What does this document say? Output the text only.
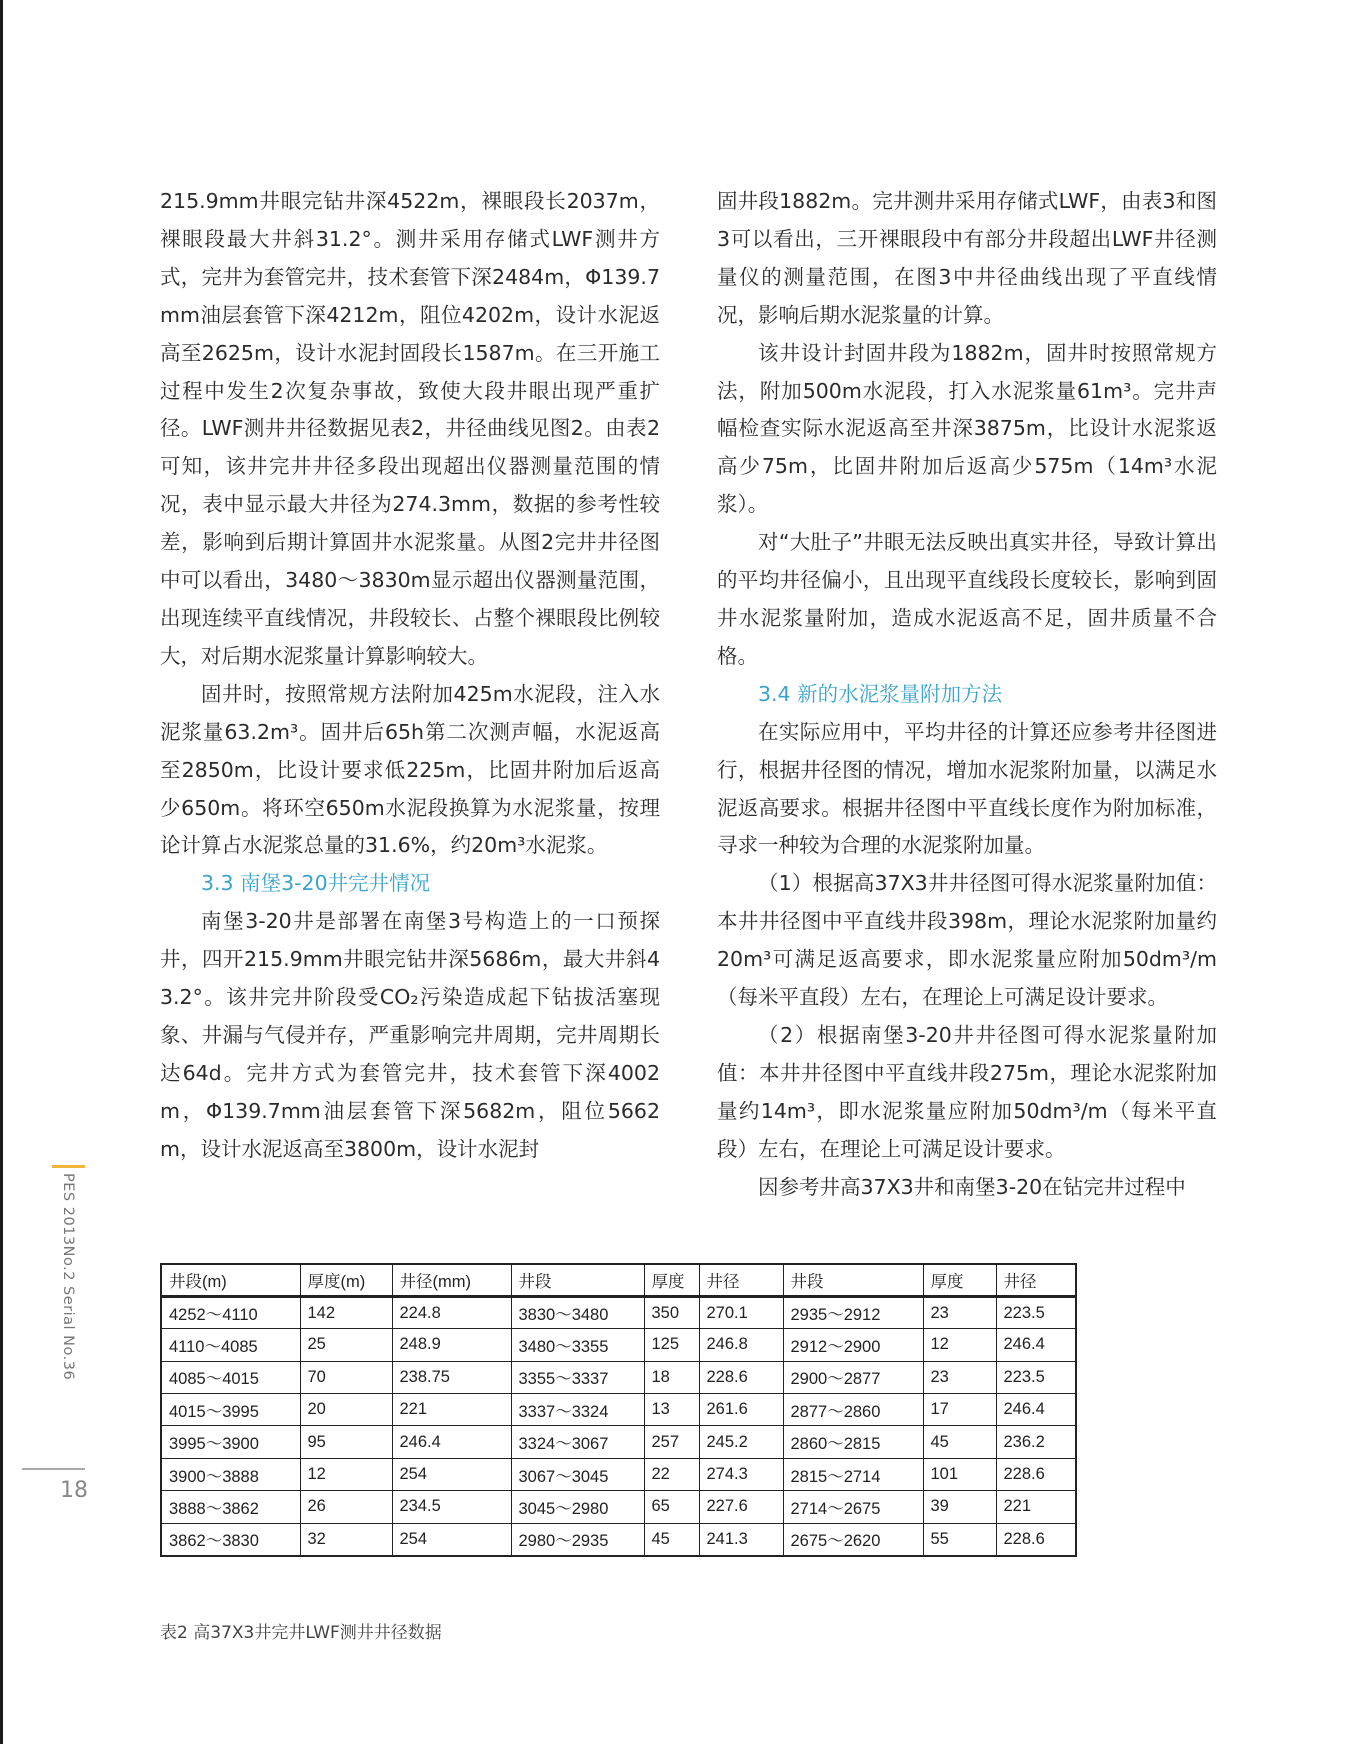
215.9mm井眼完钻井深4522m，裸眼段长2037m，裸眼段最大井斜31.2°。测井采用存储式LWF测井方式，完井为套管完井，技术套管下深2484m，Φ139.7mm油层套管下深4212m，阻位4202m，设计水泥返高至2625m，设计水泥封固段长1587m。在三开施工过程中发生2次复杂事故，致使大段井眼出现严重扩径。LWF测井井径数据见表2，井径曲线见图2。由表2可知，该井完井井径多段出现超出仪器测量范围的情况，表中显示最大井径为274.3mm，数据的参考性较差，影响到后期计算固井水泥浆量。从图2完井井径图中可以看出，3480～3830m显示超出仪器测量范围，出现连续平直线情况，井段较长、占整个裸眼段比例较大，对后期水泥浆量计算影响较大。

固井时，按照常规方法附加425m水泥段，注入水泥浆量63.2m³。固井后65h第二次测声幅，水泥返高至2850m，比设计要求低225m，比固井附加后返高少650m。将环空650m水泥段换算为水泥浆量，按理论计算占水泥浆总量的31.6%，约20m³水泥浆。

3.3 南堡3-20井完井情况

南堡3-20井是部署在南堡3号构造上的一口预探井，四开215.9mm井眼完钻井深5686m，最大井斜43.2°。该井完井阶段受CO₂污染造成起下钻拔活塞现象、井漏与气侵并存，严重影响完井周期，完井周期长达64d。完井方式为套管完井，技术套管下深4002m，Φ139.7mm油层套管下深5682m，阻位5662m，设计水泥返高至3800m，设计水泥封

固井段1882m。完井测井采用存储式LWF，由表3和图3可以看出，三开裸眼段中有部分井段超出LWF井径测量仪的测量范围，在图3中井径曲线出现了平直线情况，影响后期水泥浆量的计算。

该井设计封固井段为1882m，固井时按照常规方法，附加500m水泥段，打入水泥浆量61m³。完井声幅检查实际水泥返高至井深3875m，比设计水泥浆返高少75m，比固井附加后返高少575m（14m³水泥浆）。

对“大肚子”井眼无法反映出真实井径，导致计算出的平均井径偏小，且出现平直线段长度较长，影响到固井水泥浆量附加，造成水泥返高不足，固井质量不合格。

3.4 新的水泥浆量附加方法

在实际应用中，平均井径的计算还应参考井径图进行，根据井径图的情况，增加水泥浆附加量，以满足水泥返高要求。根据井径图中平直线长度作为附加标准，寻求一种较为合理的水泥浆附加量。

（1）根据高37X3井井径图可得水泥浆量附加值：本井井径图中平直线井段398m，理论水泥浆附加量约20m³可满足返高要求，即水泥浆量应附加50dm³/m（每米平直段）左右，在理论上可满足设计要求。

（2）根据南堡3-20井井径图可得水泥浆量附加值：本井井径图中平直线井段275m，理论水泥浆附加量约14m³，即水泥浆量应附加50dm³/m（每米平直段）左右，在理论上可满足设计要求。

因参考井高37X3井和南堡3-20在钻完井过程中

PES 2013No.2 Serial No.36
18
井段(m)	厚度(m)	井径(mm)	井段	厚度	井径	井段	厚度	井径
4252～4110	142	224.8	3830～3480	350	270.1	2935～2912	23	223.5
4110～4085	25	248.9	3480～3355	125	246.8	2912～2900	12	246.4
4085～4015	70	238.75	3355～3337	18	228.6	2900～2877	23	223.5
4015～3995	20	221	3337～3324	13	261.6	2877～2860	17	246.4
3995～3900	95	246.4	3324～3067	257	245.2	2860～2815	45	236.2
3900～3888	12	254	3067～3045	22	274.3	2815～2714	101	228.6
3888～3862	26	234.5	3045～2980	65	227.6	2714～2675	39	221
3862～3830	32	254	2980～2935	45	241.3	2675～2620	55	228.6
表2 高37X3井完井LWF测井井径数据
